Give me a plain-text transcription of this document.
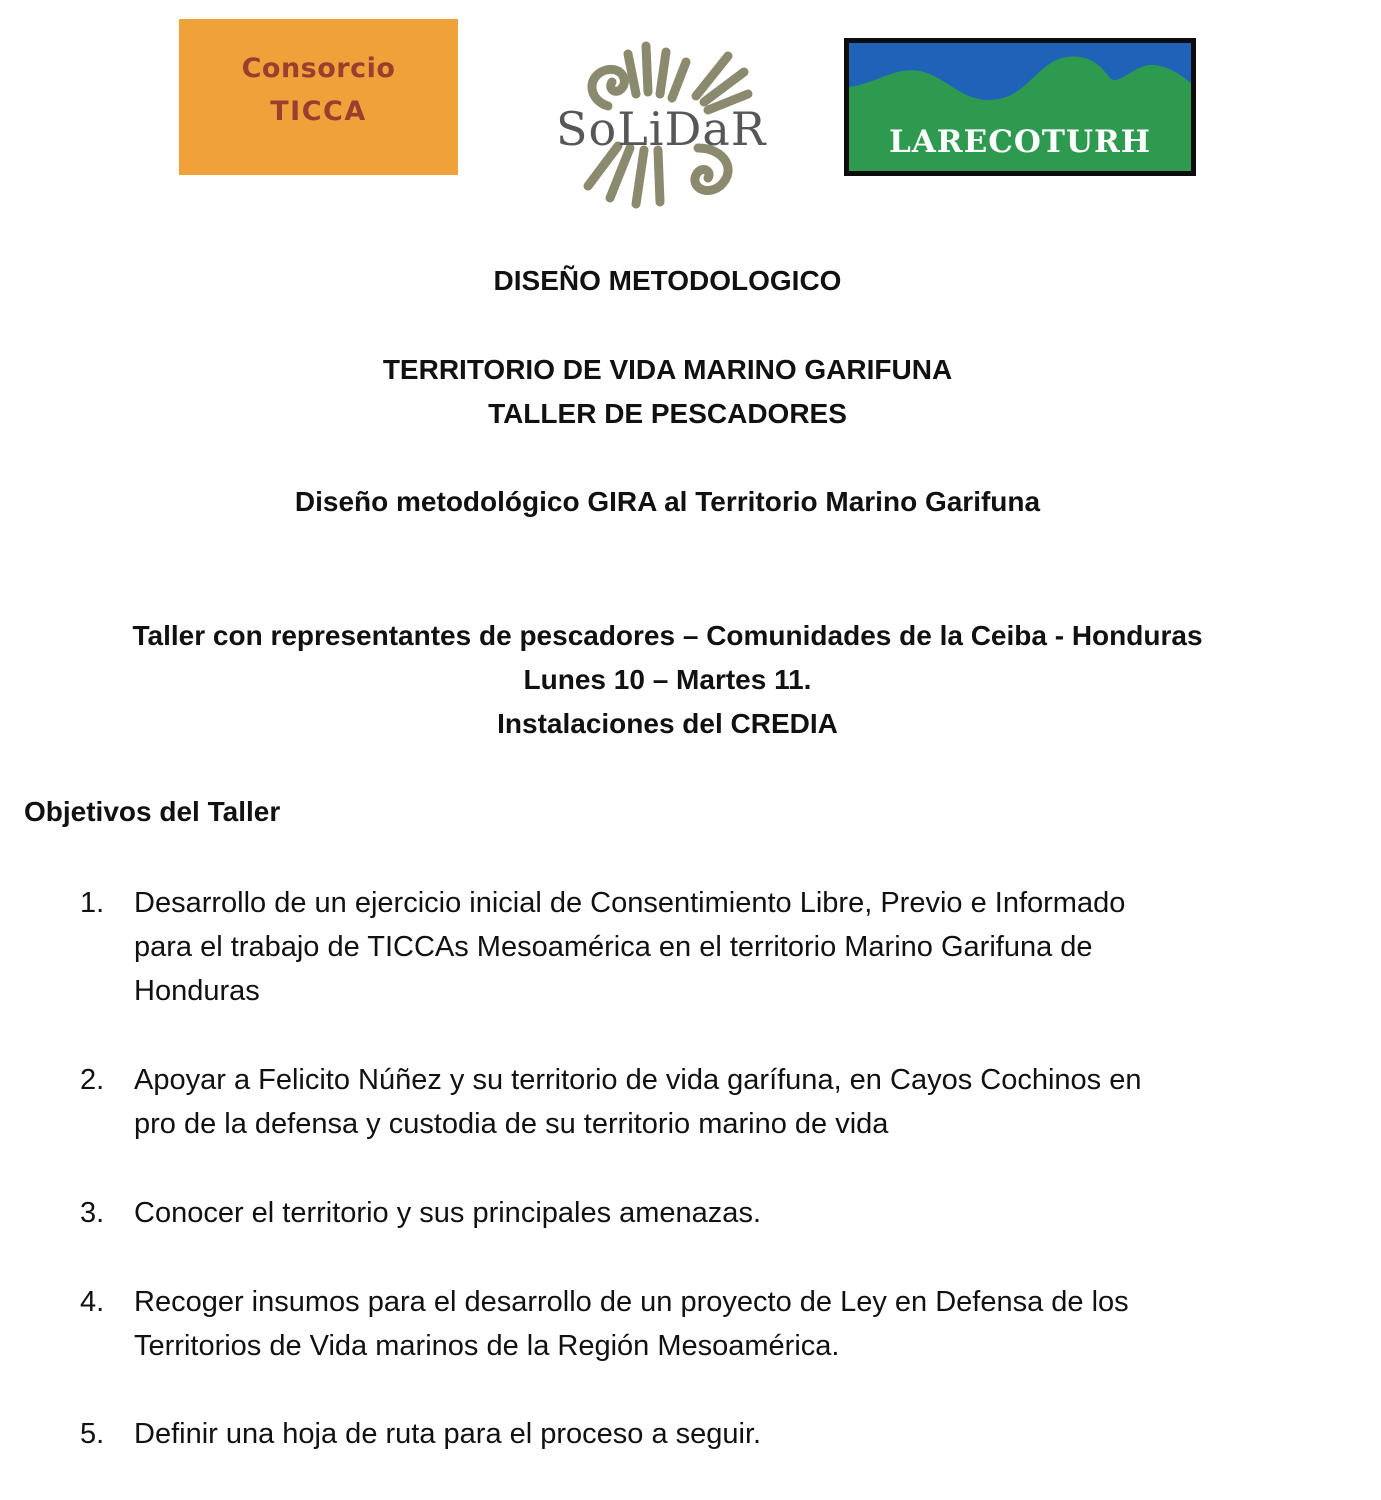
Consorcio
TICCA	SoLiDaR	LARECOTURH
DISEÑO METODOLOGICO
TERRITORIO DE VIDA MARINO GARIFUNA
TALLER DE PESCADORES
Diseño metodológico GIRA al Territorio Marino Garifuna
Taller con representantes de pescadores – Comunidades de la Ceiba - Honduras
Lunes 10 – Martes 11.
Instalaciones del CREDIA
Objetivos del Taller
1. Desarrollo de un ejercicio inicial de Consentimiento Libre, Previo e Informado
para el trabajo de TICCAs Mesoamérica en el territorio Marino Garifuna de
Honduras
2. Apoyar a Felicito Núñez y su territorio de vida garífuna, en Cayos Cochinos en
pro de la defensa y custodia de su territorio marino de vida
3. Conocer el territorio y sus principales amenazas.
4. Recoger insumos para el desarrollo de un proyecto de Ley en Defensa de los
Territorios de Vida marinos de la Región Mesoamérica.
5. Definir una hoja de ruta para el proceso a seguir.
